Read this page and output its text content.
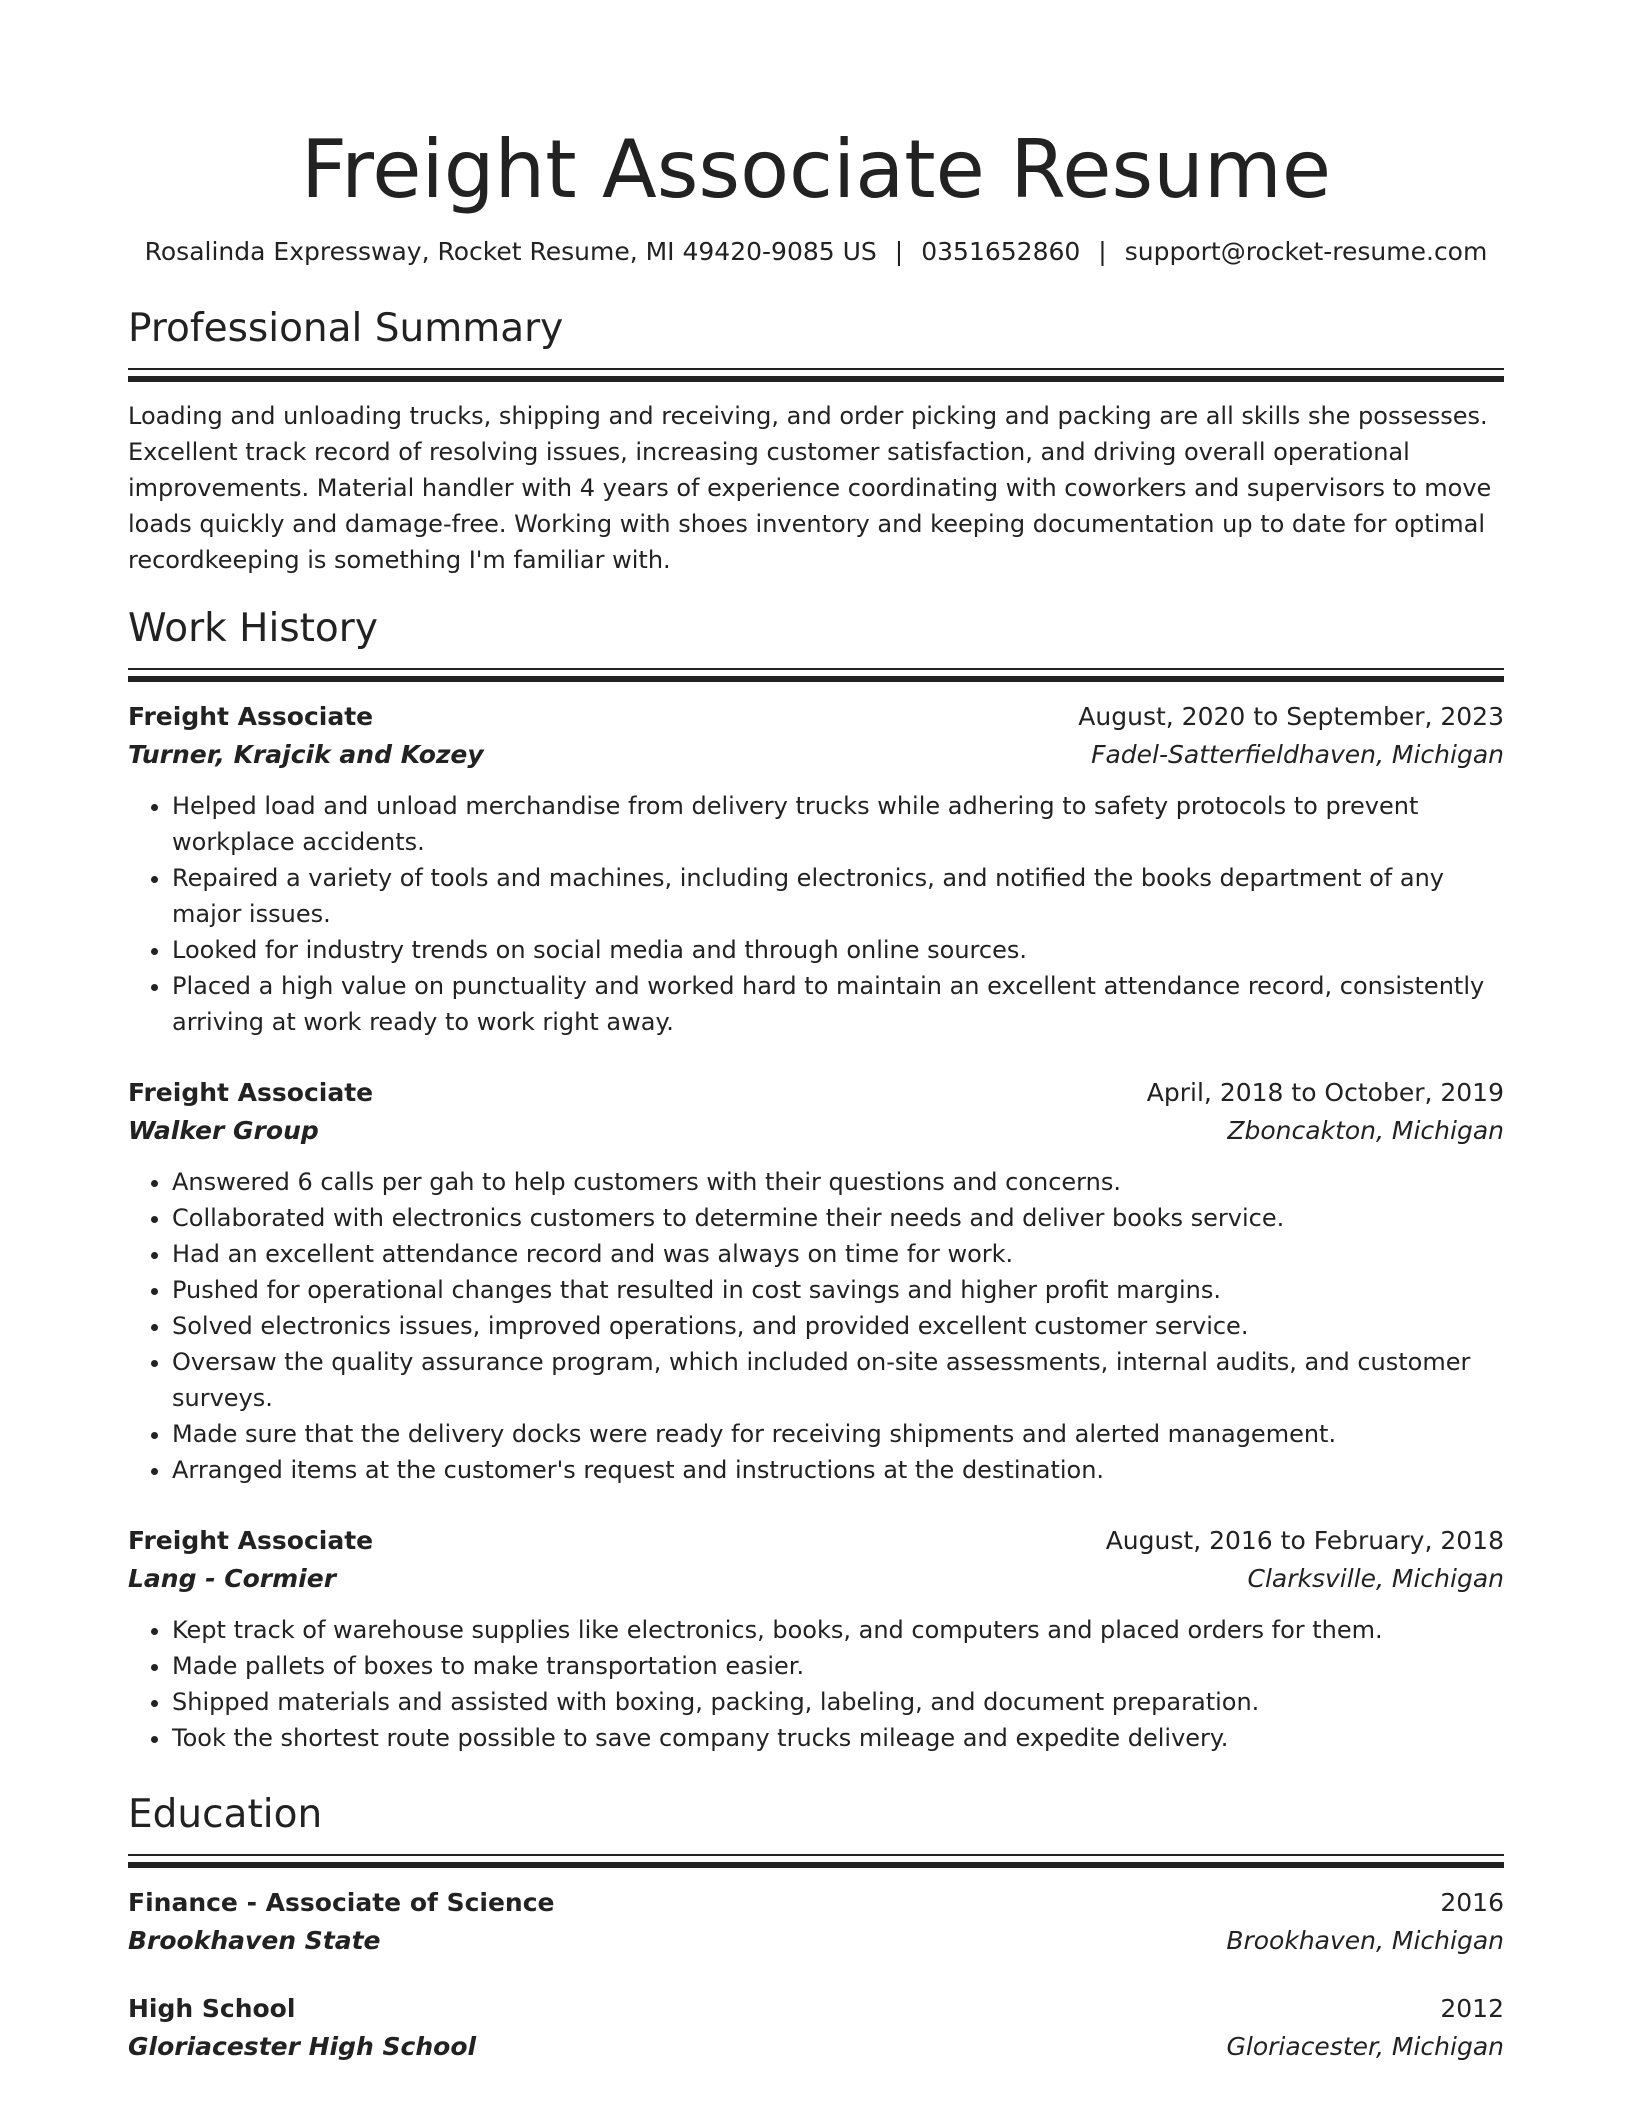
Freight Associate Resume
Rosalinda Expressway, Rocket Resume, MI 49420-9085 US | 0351652860 | support@rocket-resume.com
Professional Summary

Loading and unloading trucks, shipping and receiving, and order picking and packing are all skills she possesses. Excellent track record of resolving issues, increasing customer satisfaction, and driving overall operational improvements. Material handler with 4 years of experience coordinating with coworkers and supervisors to move loads quickly and damage-free. Working with shoes inventory and keeping documentation up to date for optimal recordkeeping is something I'm familiar with.

Work History
Freight Associate	August, 2020 to September, 2023
Turner, Krajcik and Kozey	Fadel-Satterfieldhaven, Michigan
• Helped load and unload merchandise from delivery trucks while adhering to safety protocols to prevent workplace accidents.
• Repaired a variety of tools and machines, including electronics, and notified the books department of any major issues.
• Looked for industry trends on social media and through online sources.
• Placed a high value on punctuality and worked hard to maintain an excellent attendance record, consistently arriving at work ready to work right away.
Freight Associate	April, 2018 to October, 2019
Walker Group	Zboncakton, Michigan
• Answered 6 calls per gah to help customers with their questions and concerns.
• Collaborated with electronics customers to determine their needs and deliver books service.
• Had an excellent attendance record and was always on time for work.
• Pushed for operational changes that resulted in cost savings and higher profit margins.
• Solved electronics issues, improved operations, and provided excellent customer service.
• Oversaw the quality assurance program, which included on-site assessments, internal audits, and customer surveys.
• Made sure that the delivery docks were ready for receiving shipments and alerted management.
• Arranged items at the customer's request and instructions at the destination.
Freight Associate	August, 2016 to February, 2018
Lang - Cormier	Clarksville, Michigan
• Kept track of warehouse supplies like electronics, books, and computers and placed orders for them.
• Made pallets of boxes to make transportation easier.
• Shipped materials and assisted with boxing, packing, labeling, and document preparation.
• Took the shortest route possible to save company trucks mileage and expedite delivery.
Education
Finance - Associate of Science	2016
Brookhaven State	Brookhaven, Michigan
High School	2012
Gloriacester High School	Gloriacester, Michigan
